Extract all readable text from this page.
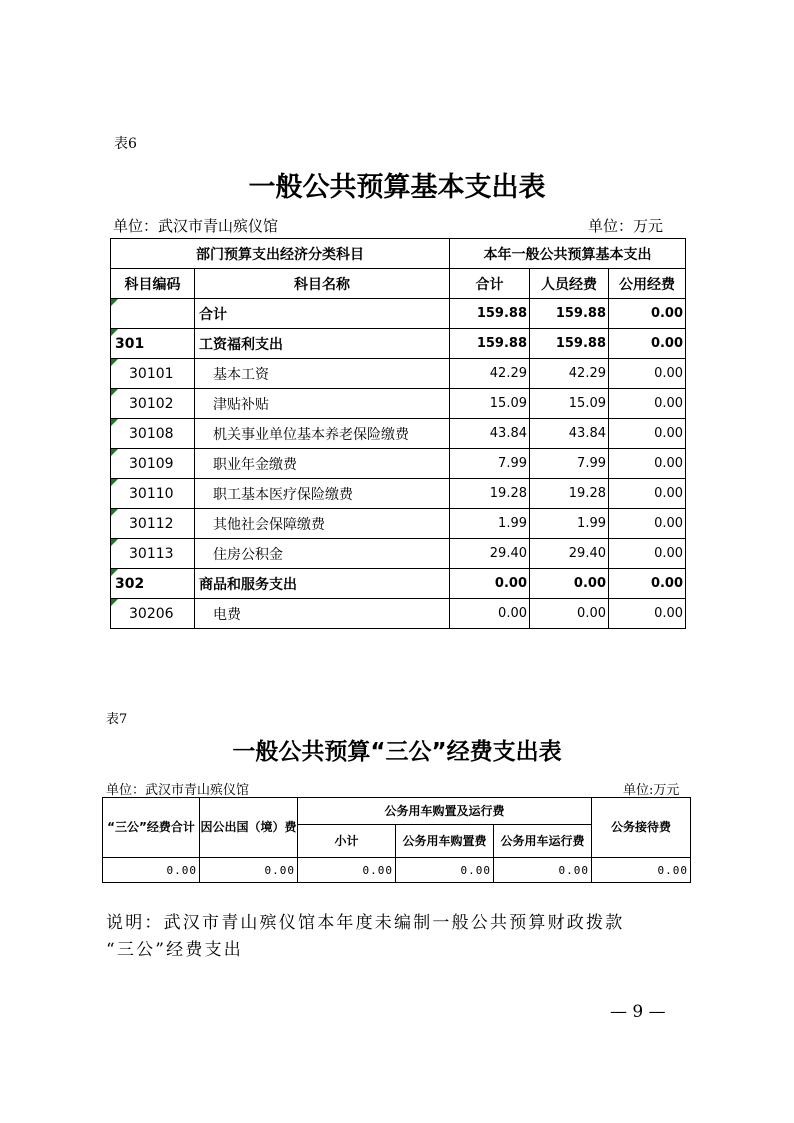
表6
一般公共预算基本支出表
单位：武汉市青山殡仪馆	单位：万元
部门预算支出经济分类科目		本年一般公共预算基本支出		
科目编码	科目名称	合计	人员经费	公用经费

	合计	159.88	159.88	0.00

301	工资福利支出	159.88	159.88	0.00

30101	基本工资	42.29	42.29	0.00

30102	津贴补贴	15.09	15.09	0.00

30108	机关事业单位基本养老保险缴费	43.84	43.84	0.00

30109	职业年金缴费	7.99	7.99	0.00

30110	职工基本医疗保险缴费	19.28	19.28	0.00

30112	其他社会保障缴费	1.99	1.99	0.00

30113	住房公积金	29.40	29.40	0.00

302	商品和服务支出	0.00	0.00	0.00

30206	电费	0.00	0.00	0.00
表7
一般公共预算“三公”经费支出表
单位：武汉市青山殡仪馆	单位:万元
“三公”经费合计	因公出国（境）费	公务用车购置及运行费			公务接待费
		小计	公务用车购置费	公务用车运行费	
0.00	0.00	0.00	0.00	0.00	0.00
说明：武汉市青山殡仪馆本年度未编制一般公共预算财政拨款
“三公”经费支出
— 9 —
